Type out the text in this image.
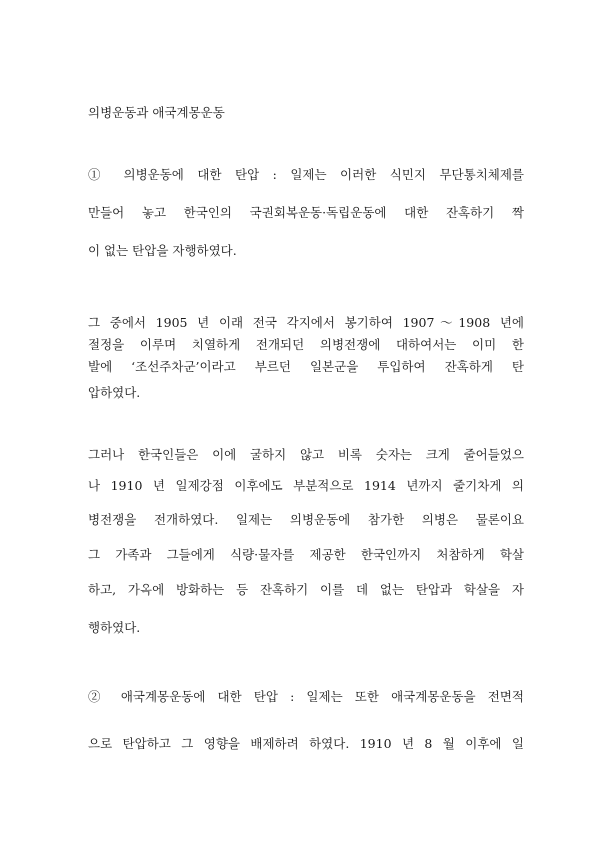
의병운동과 애국계몽운동
① 의병운동에 대한 탄압 : 일제는 이러한 식민지 무단통치체제를
만들어 놓고 한국인의 국권회복운동·독립운동에 대한 잔혹하기 짝
이 없는 탄압을 자행하였다.
그 중에서 1905 년 이래 전국 각지에서 봉기하여 1907～1908 년에
절정을 이루며 치열하게 전개되던 의병전쟁에 대하여서는 이미 한
발에 ‘조선주차군’이라고 부르던 일본군을 투입하여 잔혹하게 탄
압하였다.
그러나 한국인들은 이에 굴하지 않고 비록 숫자는 크게 줄어들었으
나 1910 년 일제강점 이후에도 부분적으로 1914 년까지 줄기차게 의
병전쟁을 전개하였다. 일제는 의병운동에 참가한 의병은 물론이요
그 가족과 그들에게 식량·물자를 제공한 한국인까지 처참하게 학살
하고, 가옥에 방화하는 등 잔혹하기 이를 데 없는 탄압과 학살을 자
행하였다.
② 애국계몽운동에 대한 탄압 : 일제는 또한 애국계몽운동을 전면적
으로 탄압하고 그 영향을 배제하려 하였다. 1910 년 8 월 이후에 일
